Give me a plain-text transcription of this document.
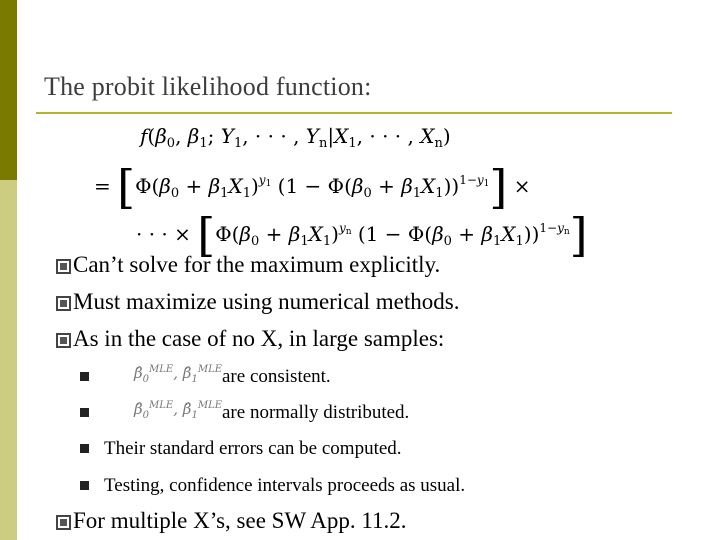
The probit likelihood function:
$f(\beta_0$, $\beta_1$; $Y_1$, · · · , $Y_n|X_1$, · · · , $X_n$)
= [$\Phi(\beta_0 + \beta_1X_1)^{y_1}$ $(1 - \Phi(\beta_0 + \beta_1X_1))^{1-y_1}$] ×
· · · × [$\Phi(\beta_0 + \beta_1X_1)^{y_n}$ $(1 - \Phi(\beta_0 + \beta_1X_1))^{1-y_n}$]
Can’t solve for the maximum explicitly.
Must maximize using numerical methods.
As in the case of no X, in large samples:
$\betâ_0^{MLE}$, $\betâ_1^{MLE}$ are consistent.
$\betâ_0^{MLE}$, $\betâ_1^{MLE}$ are normally distributed.
Their standard errors can be computed.
Testing, confidence intervals proceeds as usual.
For multiple X’s, see SW App. 11.2.
